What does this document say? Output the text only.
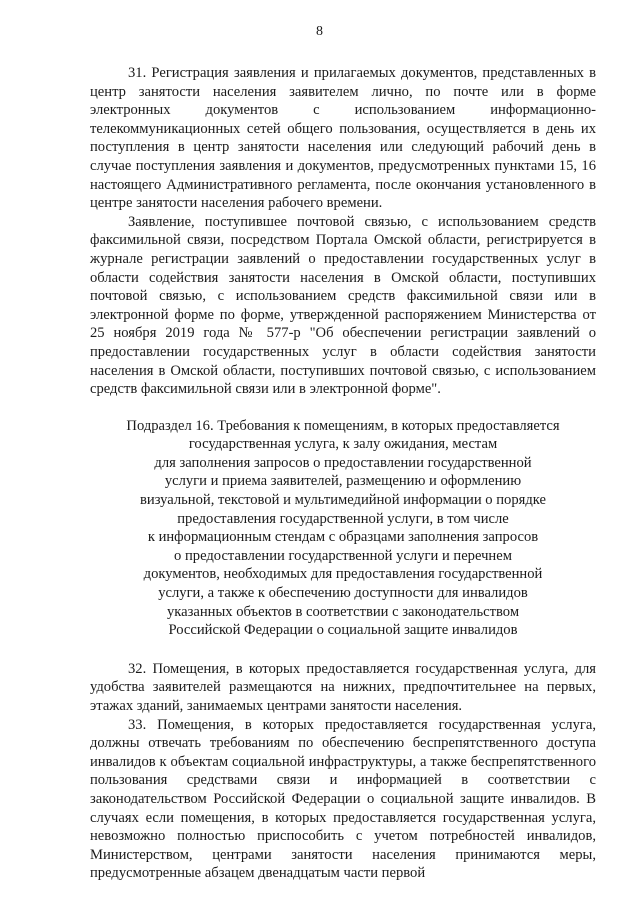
8

31. Регистрация заявления и прилагаемых документов, представленных в центр занятости населения заявителем лично, по почте или в форме электронных документов с использованием информационно-телекоммуникационных сетей общего пользования, осуществляется в день их поступления в центр занятости населения или следующий рабочий день в случае поступления заявления и документов, предусмотренных пунктами 15, 16 настоящего Административного регламента, после окончания установленного в центре занятости населения рабочего времени.

Заявление, поступившее почтовой связью, с использованием средств факсимильной связи, посредством Портала Омской области, регистрируется в журнале регистрации заявлений о предоставлении государственных услуг в области содействия занятости населения в Омской области, поступивших почтовой связью, с использованием средств факсимильной связи или в электронной форме по форме, утвержденной распоряжением Министерства от 25 ноября 2019 года № 577-р "Об обеспечении регистрации заявлений о предоставлении государственных услуг в области содействия занятости населения в Омской области, поступивших почтовой связью, с использованием средств факсимильной связи или в электронной форме".

Подраздел 16. Требования к помещениям, в которых предоставляется
государственная услуга, к залу ожидания, местам
для заполнения запросов о предоставлении государственной
услуги и приема заявителей, размещению и оформлению
визуальной, текстовой и мультимедийной информации о порядке
предоставления государственной услуги, в том числе
к информационным стендам с образцами заполнения запросов
о предоставлении государственной услуги и перечнем
документов, необходимых для предоставления государственной
услуги, а также к обеспечению доступности для инвалидов
указанных объектов в соответствии с законодательством
Российской Федерации о социальной защите инвалидов

32. Помещения, в которых предоставляется государственная услуга, для удобства заявителей размещаются на нижних, предпочтительнее на первых, этажах зданий, занимаемых центрами занятости населения.

33. Помещения, в которых предоставляется государственная услуга, должны отвечать требованиям по обеспечению беспрепятственного доступа инвалидов к объектам социальной инфраструктуры, а также беспрепятственного пользования средствами связи и информацией в соответствии с законодательством Российской Федерации о социальной защите инвалидов. В случаях если помещения, в которых предоставляется государственная услуга, невозможно полностью приспособить с учетом потребностей инвалидов, Министерством, центрами занятости населения принимаются меры, предусмотренные абзацем двенадцатым части первой
